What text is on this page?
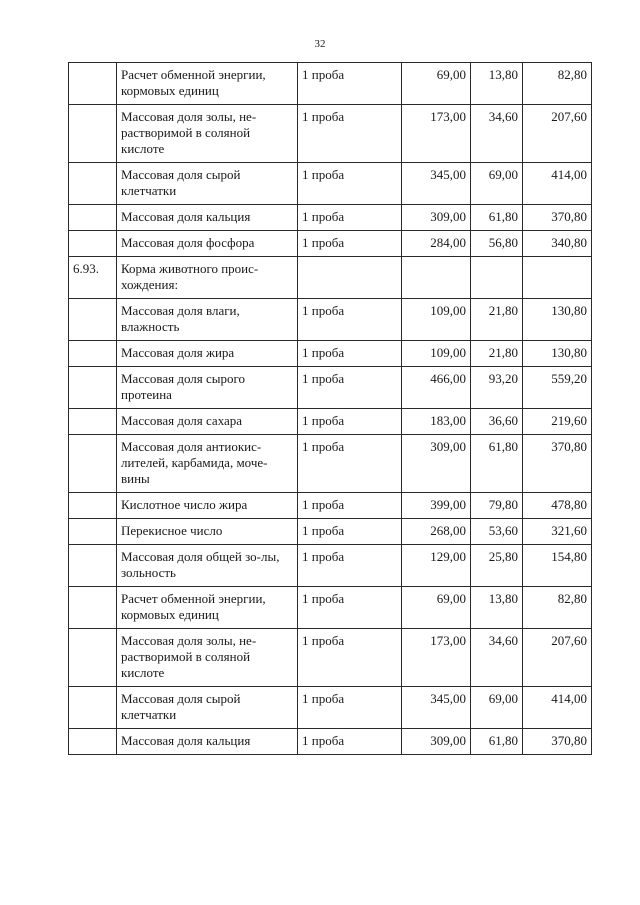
32
	Расчет обменной энергии, кормовых единиц	1 проба	69,00	13,80	82,80
	Массовая доля золы, не-растворимой в соляной кислоте	1 проба	173,00	34,60	207,60
	Массовая доля сырой клетчатки	1 проба	345,00	69,00	414,00
	Массовая доля кальция	1 проба	309,00	61,80	370,80
	Массовая доля фосфора	1 проба	284,00	56,80	340,80
6.93.	Корма животного проис-хождения:				
	Массовая доля влаги, влажность	1 проба	109,00	21,80	130,80
	Массовая доля жира	1 проба	109,00	21,80	130,80
	Массовая доля сырого протеина	1 проба	466,00	93,20	559,20
	Массовая доля сахара	1 проба	183,00	36,60	219,60
	Массовая доля антиокис-лителей, карбамида, моче-вины	1 проба	309,00	61,80	370,80
	Кислотное число жира	1 проба	399,00	79,80	478,80
	Перекисное число	1 проба	268,00	53,60	321,60
	Массовая доля общей зо-лы, зольность	1 проба	129,00	25,80	154,80
	Расчет обменной энергии, кормовых единиц	1 проба	69,00	13,80	82,80
	Массовая доля золы, не-растворимой в соляной кислоте	1 проба	173,00	34,60	207,60
	Массовая доля сырой клетчатки	1 проба	345,00	69,00	414,00
	Массовая доля кальция	1 проба	309,00	61,80	370,80
